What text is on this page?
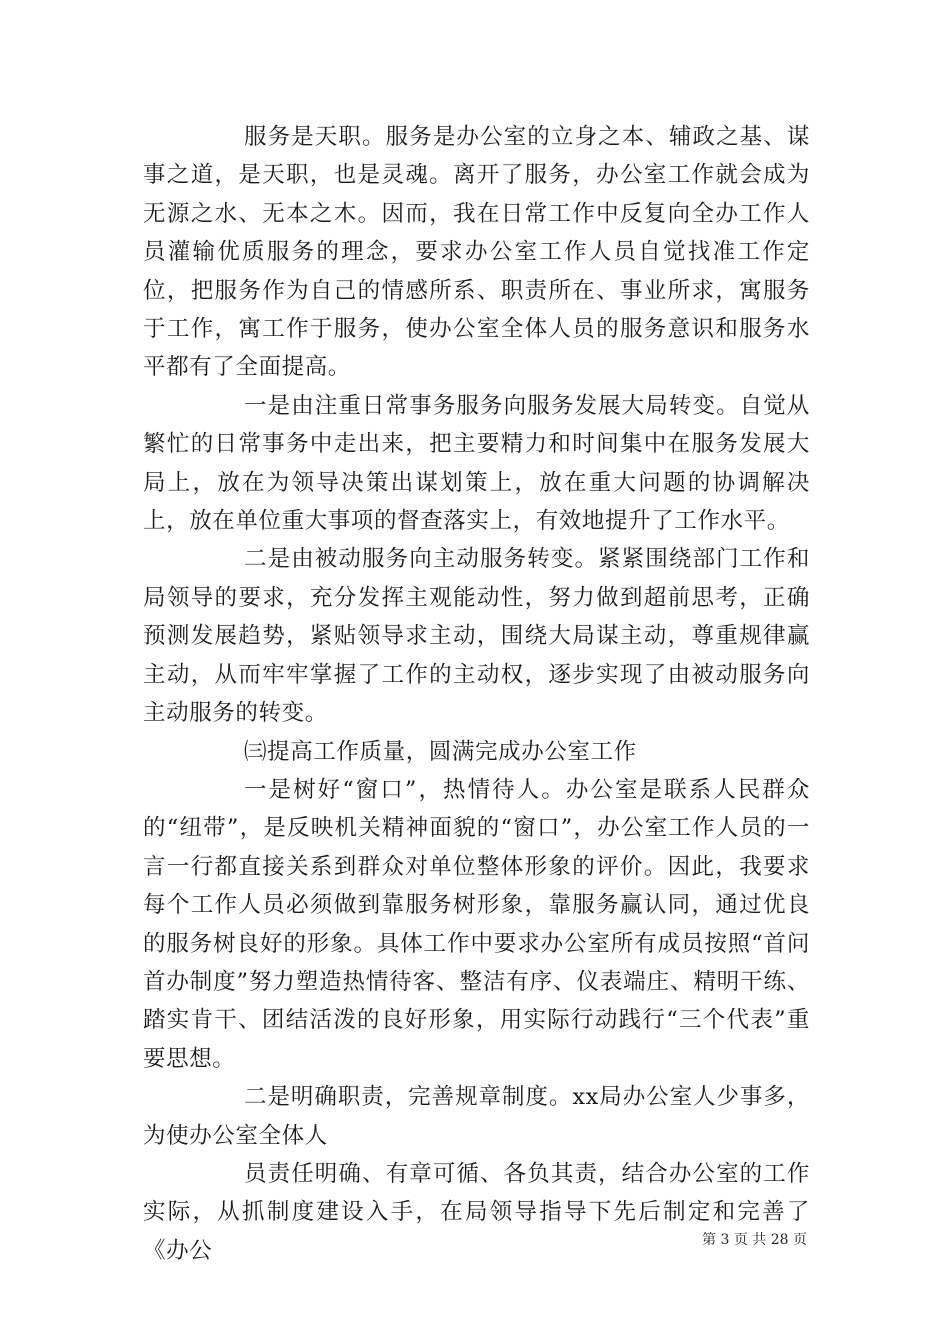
服务是天职。服务是办公室的立身之本、辅政之基、谋事之道，是天职，也是灵魂。离开了服务，办公室工作就会成为无源之水、无本之木。因而，我在日常工作中反复向全办工作人员灌输优质服务的理念，要求办公室工作人员自觉找准工作定位，把服务作为自己的情感所系、职责所在、事业所求，寓服务于工作，寓工作于服务，使办公室全体人员的服务意识和服务水平都有了全面提高。

一是由注重日常事务服务向服务发展大局转变。自觉从繁忙的日常事务中走出来，把主要精力和时间集中在服务发展大局上，放在为领导决策出谋划策上，放在重大问题的协调解决上，放在单位重大事项的督查落实上，有效地提升了工作水平。

二是由被动服务向主动服务转变。紧紧围绕部门工作和局领导的要求，充分发挥主观能动性，努力做到超前思考，正确预测发展趋势，紧贴领导求主动，围绕大局谋主动，尊重规律赢主动，从而牢牢掌握了工作的主动权，逐步实现了由被动服务向主动服务的转变。

㈢提高工作质量，圆满完成办公室工作

一是树好“窗口”，热情待人。办公室是联系人民群众的“纽带”，是反映机关精神面貌的“窗口”，办公室工作人员的一言一行都直接关系到群众对单位整体形象的评价。因此，我要求每个工作人员必须做到靠服务树形象，靠服务赢认同，通过优良的服务树良好的形象。具体工作中要求办公室所有成员按照“首问首办制度”努力塑造热情待客、整洁有序、仪表端庄、精明干练、踏实肯干、团结活泼的良好形象，用实际行动践行“三个代表”重要思想。

二是明确职责，完善规章制度。xx局办公室人少事多，为使办公室全体人

员责任明确、有章可循、各负其责，结合办公室的工作实际，从抓制度建设入手，在局领导指导下先后制定和完善了《办公	第 3 页 共 28 页
